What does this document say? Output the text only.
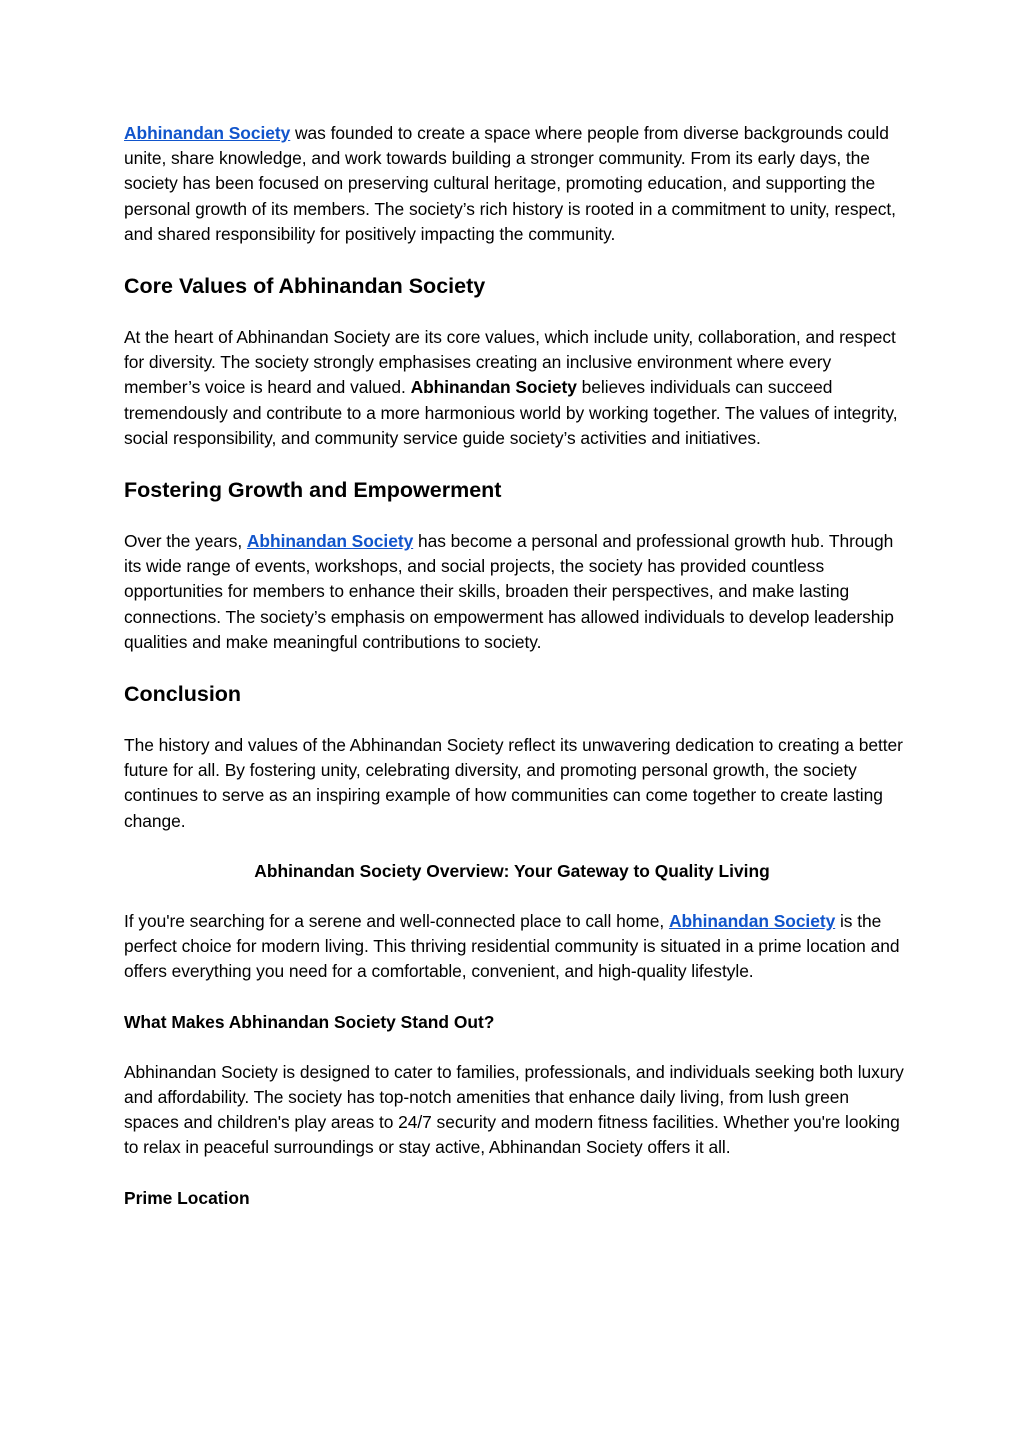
Abhinandan Society was founded to create a space where people from diverse backgrounds could unite, share knowledge, and work towards building a stronger community. From its early days, the society has been focused on preserving cultural heritage, promoting education, and supporting the personal growth of its members. The society’s rich history is rooted in a commitment to unity, respect, and shared responsibility for positively impacting the community.

Core Values of Abhinandan Society

At the heart of Abhinandan Society are its core values, which include unity, collaboration, and respect for diversity. The society strongly emphasises creating an inclusive environment where every member’s voice is heard and valued. Abhinandan Society believes individuals can succeed tremendously and contribute to a more harmonious world by working together. The values of integrity, social responsibility, and community service guide society’s activities and initiatives.

Fostering Growth and Empowerment

Over the years, Abhinandan Society has become a personal and professional growth hub. Through its wide range of events, workshops, and social projects, the society has provided countless opportunities for members to enhance their skills, broaden their perspectives, and make lasting connections. The society’s emphasis on empowerment has allowed individuals to develop leadership qualities and make meaningful contributions to society.

Conclusion

The history and values of the Abhinandan Society reflect its unwavering dedication to creating a better future for all. By fostering unity, celebrating diversity, and promoting personal growth, the society continues to serve as an inspiring example of how communities can come together to create lasting change.

Abhinandan Society Overview: Your Gateway to Quality Living

If you're searching for a serene and well-connected place to call home, Abhinandan Society is the perfect choice for modern living. This thriving residential community is situated in a prime location and offers everything you need for a comfortable, convenient, and high-quality lifestyle.

What Makes Abhinandan Society Stand Out?

Abhinandan Society is designed to cater to families, professionals, and individuals seeking both luxury and affordability. The society has top-notch amenities that enhance daily living, from lush green spaces and children's play areas to 24/7 security and modern fitness facilities. Whether you're looking to relax in peaceful surroundings or stay active, Abhinandan Society offers it all.

Prime Location
